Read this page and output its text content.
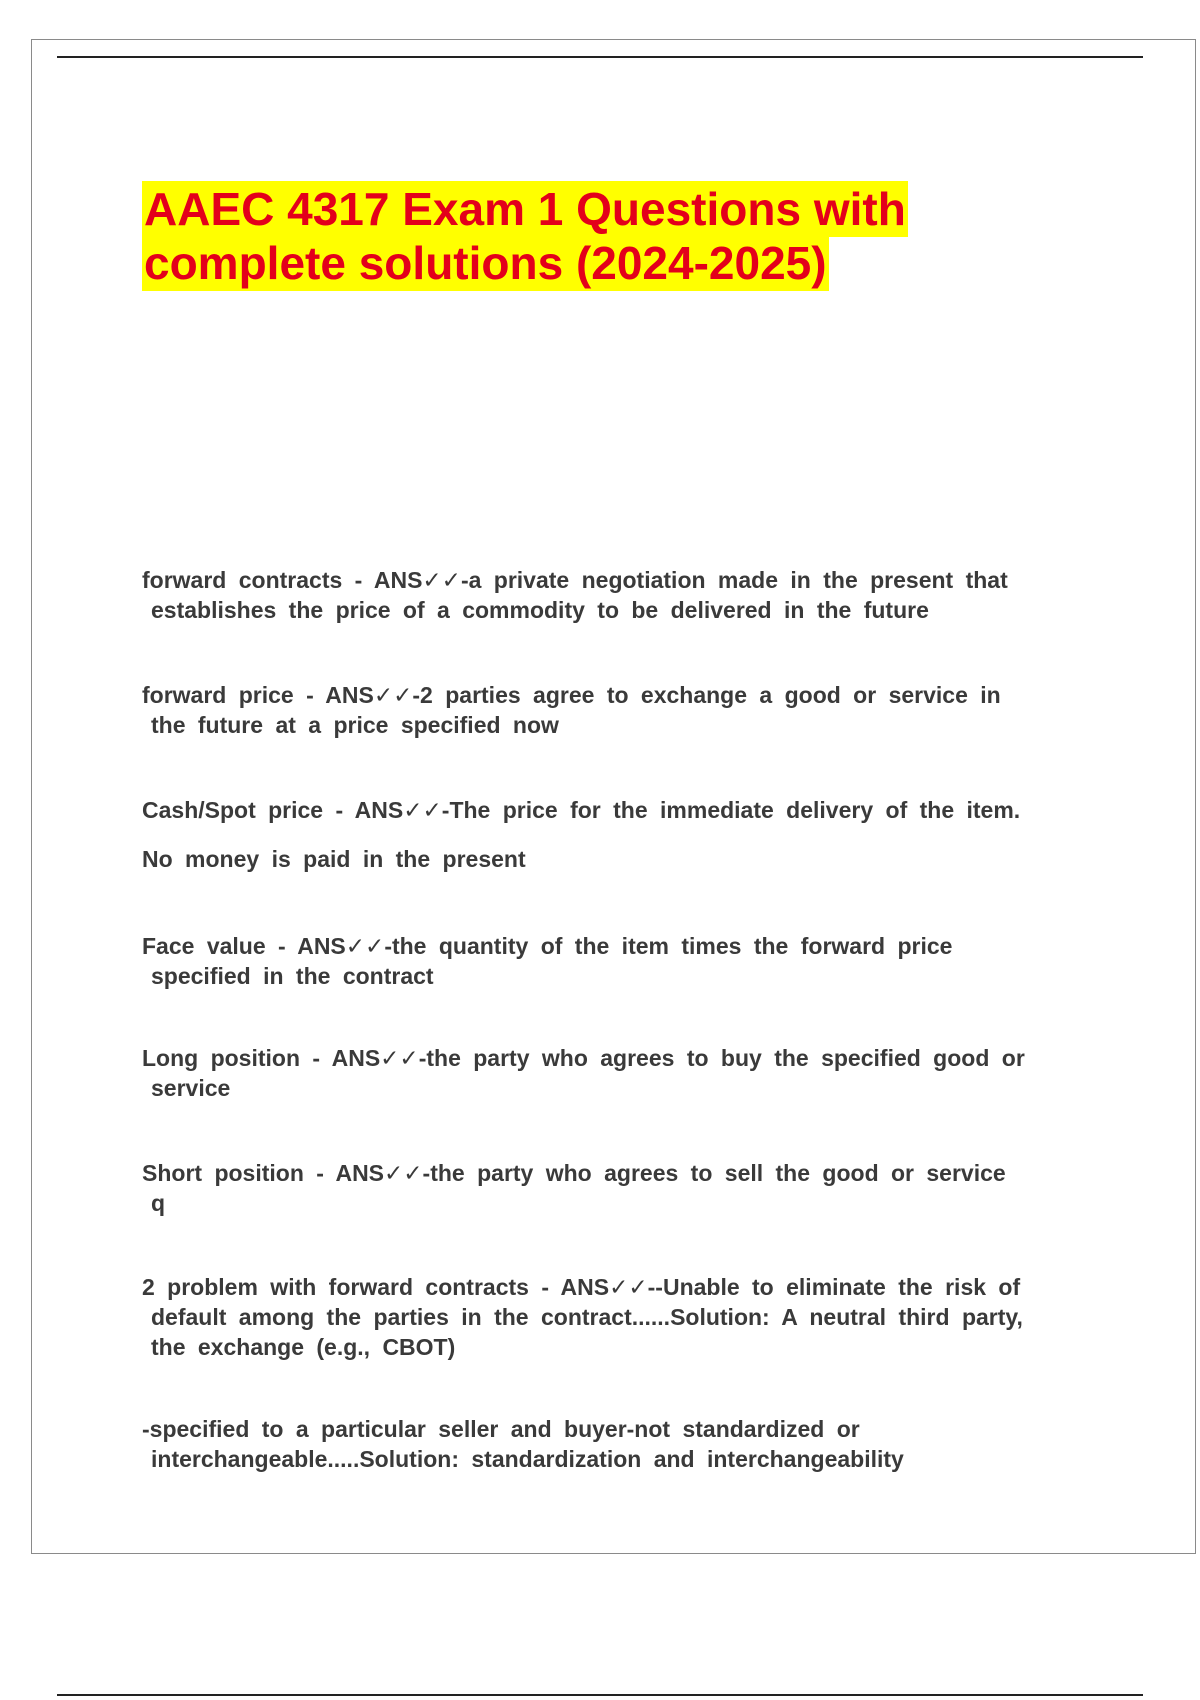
AAEC 4317 Exam 1 Questions with
complete solutions (2024-2025)
forward contracts - ANS✓✓-a private negotiation made in the present that
establishes the price of a commodity to be delivered in the future
forward price - ANS✓✓-2 parties agree to exchange a good or service in
the future at a price specified now
Cash/Spot price - ANS✓✓-The price for the immediate delivery of the item.
No money is paid in the present
Face value - ANS✓✓-the quantity of the item times the forward price
specified in the contract
Long position - ANS✓✓-the party who agrees to buy the specified good or
service
Short position - ANS✓✓-the party who agrees to sell the good or service
q
2 problem with forward contracts - ANS✓✓--Unable to eliminate the risk of
default among the parties in the contract......Solution: A neutral third party,
the exchange (e.g., CBOT)
-specified to a particular seller and buyer-not standardized or
interchangeable.....Solution: standardization and interchangeability
